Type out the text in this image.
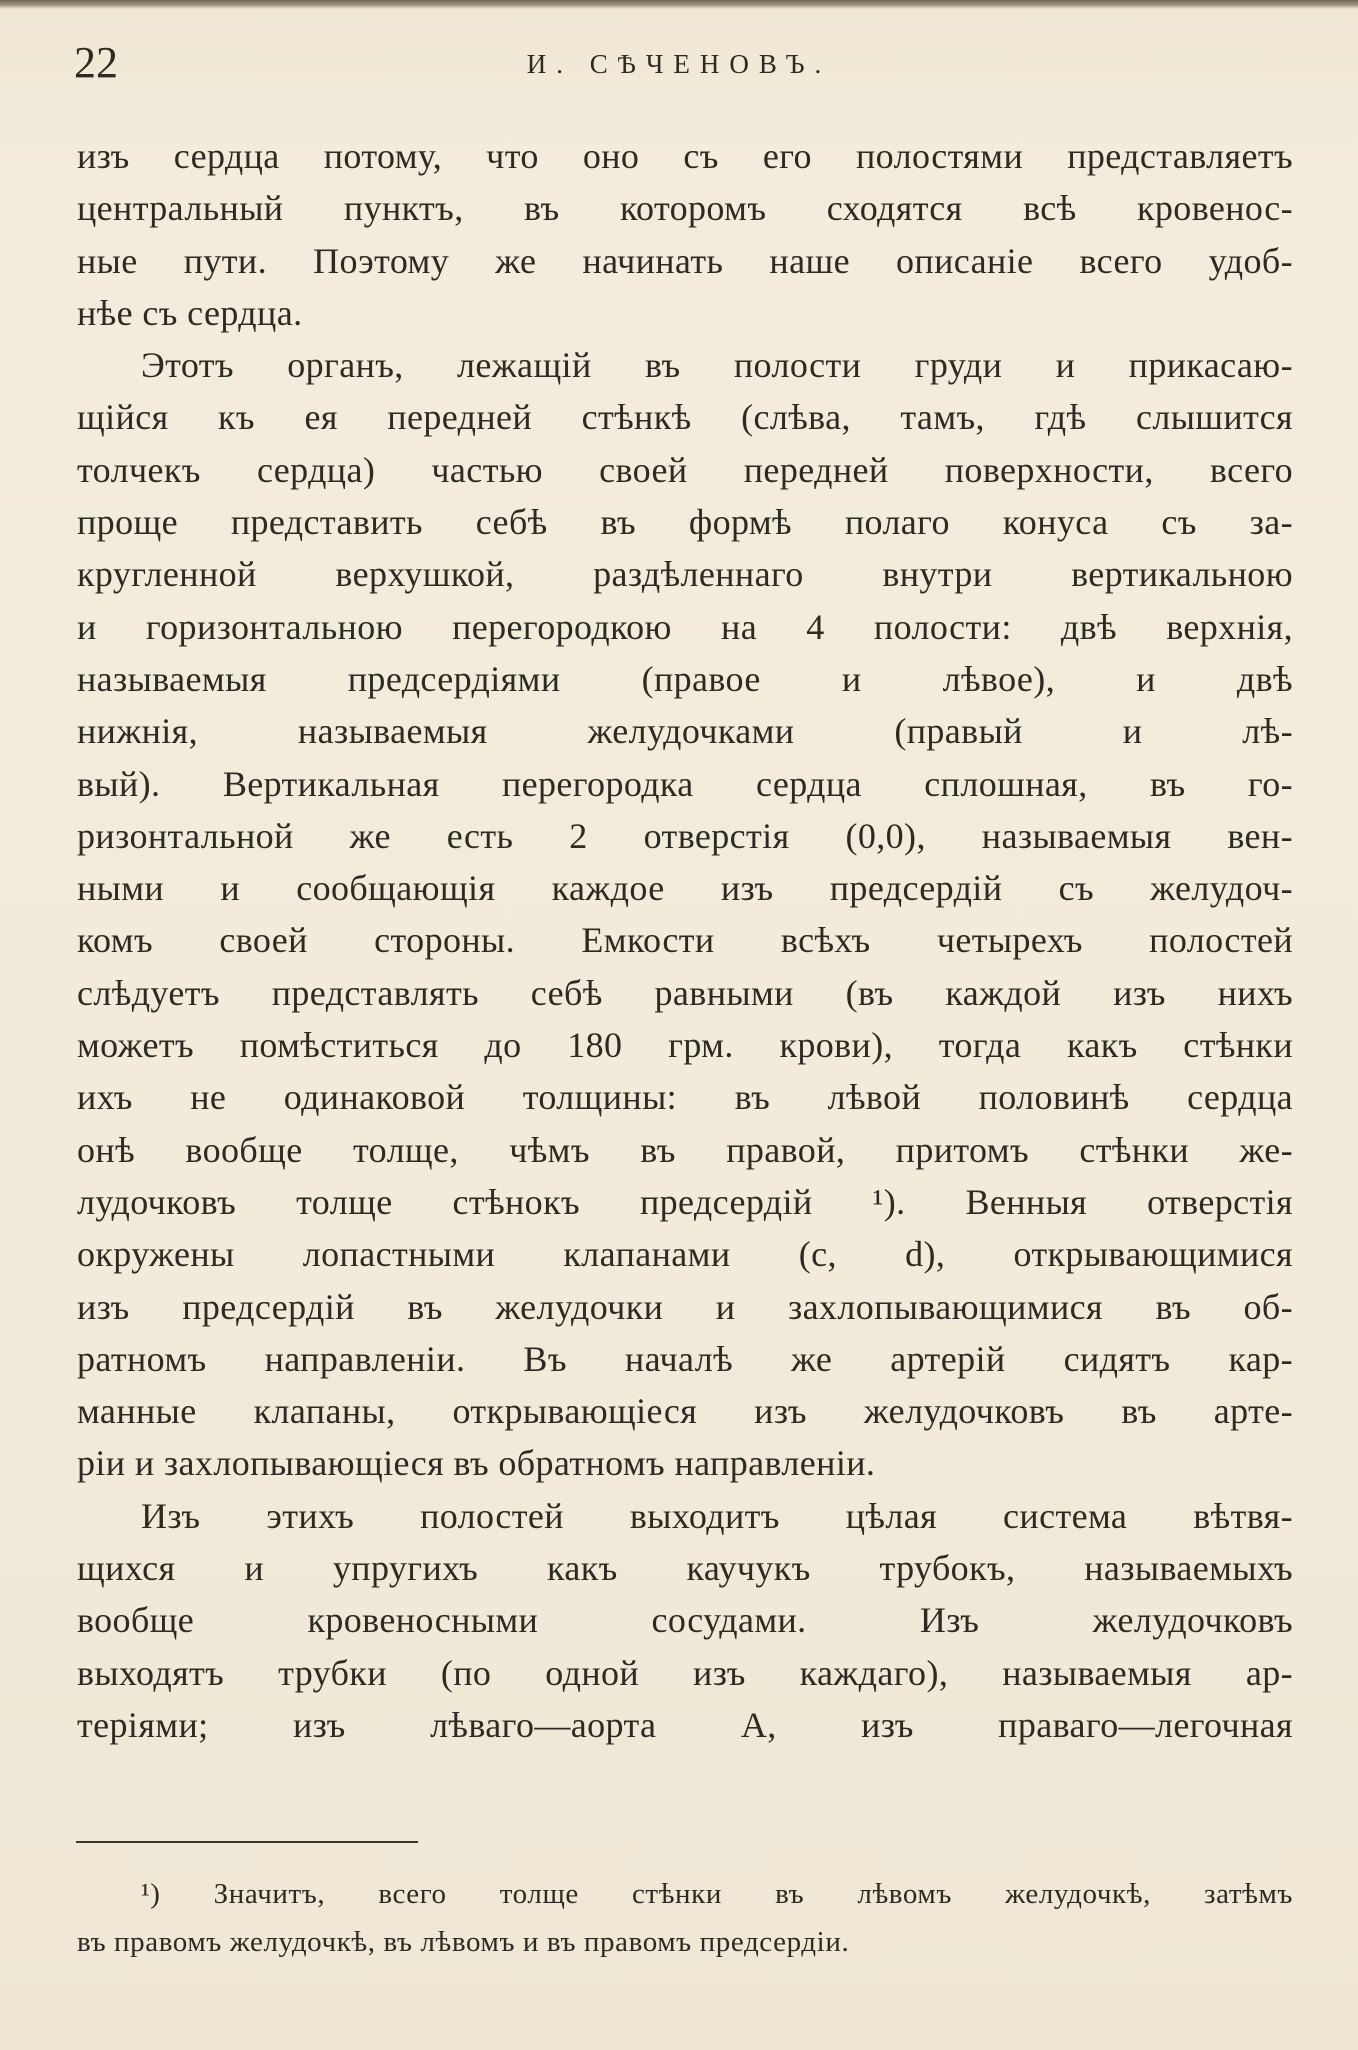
22	И. СѢЧЕНОВЪ.
изъ сердца потому, что оно съ его полостями представляетъ
центральный пунктъ, въ которомъ сходятся всѣ кровенос-
ные пути. Поэтому же начинать наше описаніе всего удоб-
нѣе съ сердца.
Этотъ органъ, лежащій въ полости груди и прикасаю-
щійся къ ея передней стѣнкѣ (слѣва, тамъ, гдѣ слышится
толчекъ сердца) частью своей передней поверхности, всего
проще представить себѣ въ формѣ полаго конуса съ за-
кругленной верхушкой, раздѣленнаго внутри вертикальною
и горизонтальною перегородкою на 4 полости: двѣ верхнія,
называемыя предсердіями (правое и лѣвое), и двѣ
нижнія, называемыя желудочками (правый и лѣ-
вый). Вертикальная перегородка сердца сплошная, въ го-
ризонтальной же есть 2 отверстія (0,0), называемыя вен-
ными и сообщающія каждое изъ предсердій съ желудоч-
комъ своей стороны. Емкости всѣхъ четырехъ полостей
слѣдуетъ представлять себѣ равными (въ каждой изъ нихъ
можетъ помѣститься до 180 грм. крови), тогда какъ стѣнки
ихъ не одинаковой толщины: въ лѣвой половинѣ сердца
онѣ вообще толще, чѣмъ въ правой, притомъ стѣнки же-
лудочковъ толще стѣнокъ предсердій ¹). Венныя отверстія
окружены лопастными клапанами (c, d), открывающимися
изъ предсердій въ желудочки и захлопывающимися въ об-
ратномъ направленіи. Въ началѣ же артерій сидятъ кар-
манные клапаны, открывающіеся изъ желудочковъ въ арте-
ріи и захлопывающіеся въ обратномъ направленіи.
Изъ этихъ полостей выходитъ цѣлая система вѣтвя-
щихся и упругихъ какъ каучукъ трубокъ, называемыхъ
вообще кровеносными сосудами. Изъ желудочковъ
выходятъ трубки (по одной изъ каждаго), называемыя ар-
теріями; изъ лѣваго—аорта А, изъ праваго—легочная
¹) Значитъ, всего толще стѣнки въ лѣвомъ желудочкѣ, затѣмъ
въ правомъ желудочкѣ, въ лѣвомъ и въ правомъ предсердіи.
